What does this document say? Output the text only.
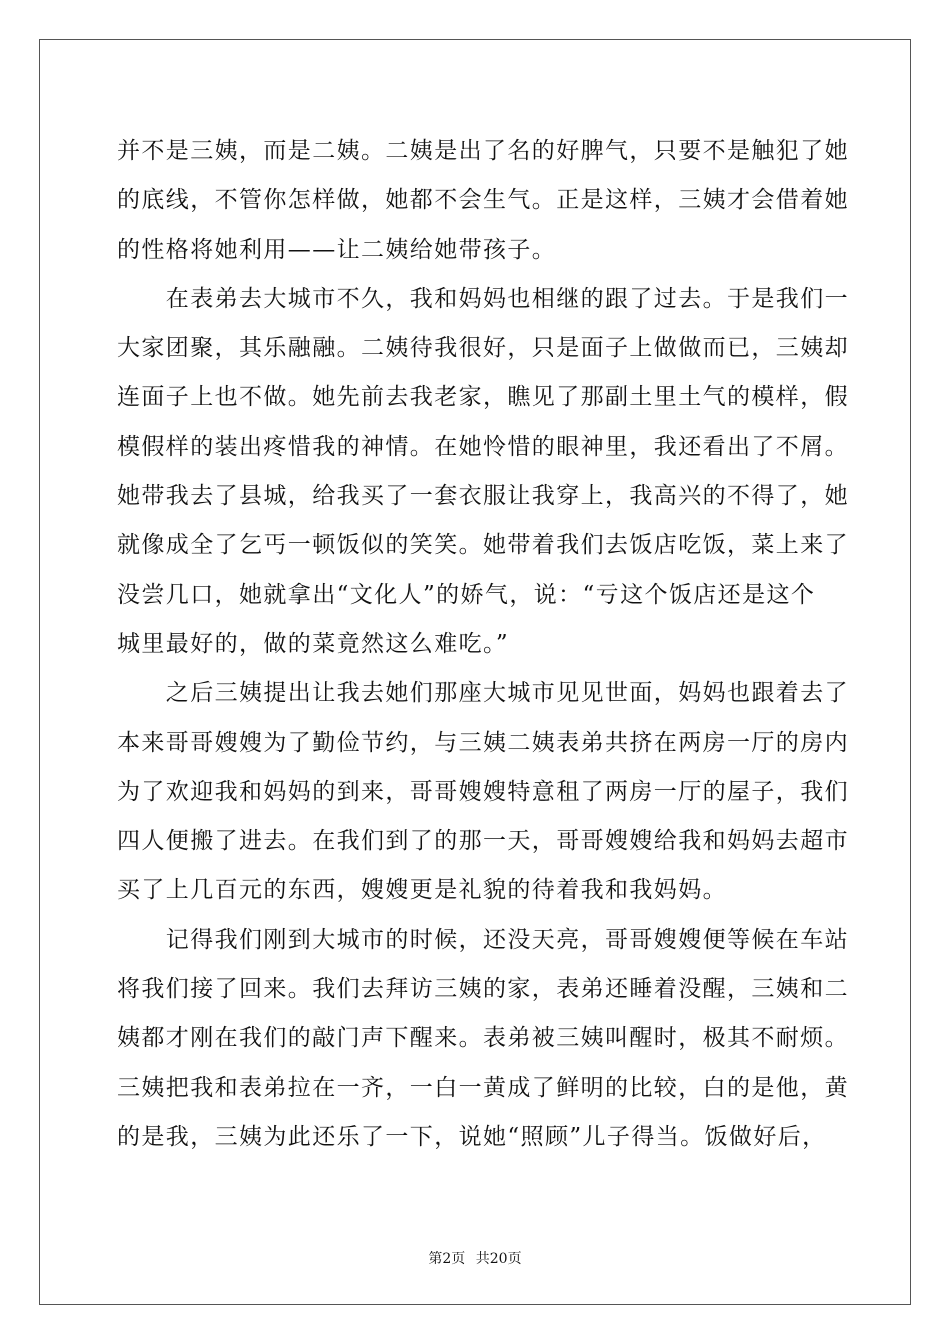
并不是三姨，而是二姨。二姨是出了名的好脾气，只要不是触犯了她
的底线，不管你怎样做，她都不会生气。正是这样，三姨才会借着她
的性格将她利用——让二姨给她带孩子。
　　在表弟去大城市不久，我和妈妈也相继的跟了过去。于是我们一
大家团聚，其乐融融。二姨待我很好，只是面子上做做而已，三姨却
连面子上也不做。她先前去我老家，瞧见了那副土里土气的模样，假
模假样的装出疼惜我的神情。在她怜惜的眼神里，我还看出了不屑。
她带我去了县城，给我买了一套衣服让我穿上，我高兴的不得了，她
就像成全了乞丐一顿饭似的笑笑。她带着我们去饭店吃饭，菜上来了
没尝几口，她就拿出“文化人”的娇气，说：“亏这个饭店还是这个
城里最好的，做的菜竟然这么难吃。”
　　之后三姨提出让我去她们那座大城市见见世面，妈妈也跟着去了
本来哥哥嫂嫂为了勤俭节约，与三姨二姨表弟共挤在两房一厅的房内
为了欢迎我和妈妈的到来，哥哥嫂嫂特意租了两房一厅的屋子，我们
四人便搬了进去。在我们到了的那一天，哥哥嫂嫂给我和妈妈去超市
买了上几百元的东西，嫂嫂更是礼貌的待着我和我妈妈。
　　记得我们刚到大城市的时候，还没天亮，哥哥嫂嫂便等候在车站
将我们接了回来。我们去拜访三姨的家，表弟还睡着没醒，三姨和二
姨都才刚在我们的敲门声下醒来。表弟被三姨叫醒时，极其不耐烦。
三姨把我和表弟拉在一齐，一白一黄成了鲜明的比较，白的是他，黄
的是我，三姨为此还乐了一下，说她“照顾”儿子得当。饭做好后，
第2页 共20页
